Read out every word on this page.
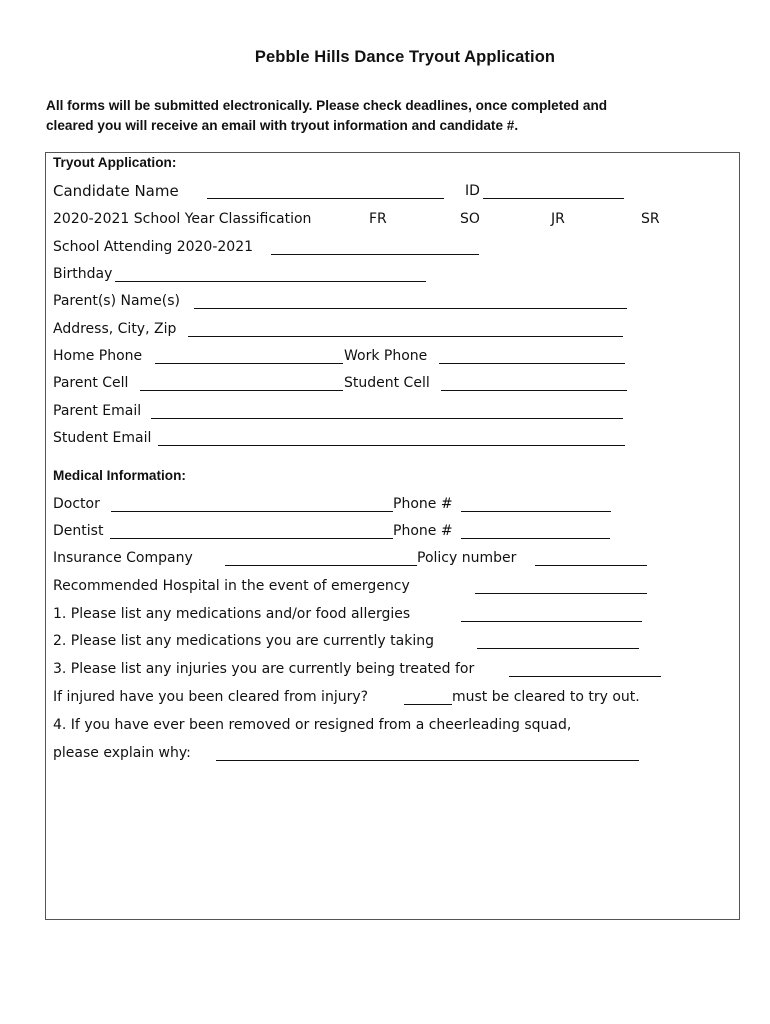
Pebble Hills Dance Tryout Application
All forms will be submitted electronically. Please check deadlines, once completed and
cleared you will receive an email with tryout information and candidate #.
Tryout Application:
Candidate Name	ID
2020-2021 School Year Classification	FR	SO	JR	SR
School Attending 2020-2021
Birthday
Parent(s) Name(s)
Address, City, Zip
Home Phone	Work Phone
Parent Cell	Student Cell
Parent Email
Student Email
Medical Information:
Doctor	Phone #
Dentist	Phone #
Insurance Company	Policy number
Recommended Hospital in the event of emergency
1. Please list any medications and/or food allergies
2. Please list any medications you are currently taking
3. Please list any injuries you are currently being treated for
If injured have you been cleared from injury?	must be cleared to try out.
4. If you have ever been removed or resigned from a cheerleading squad,
please explain why:
